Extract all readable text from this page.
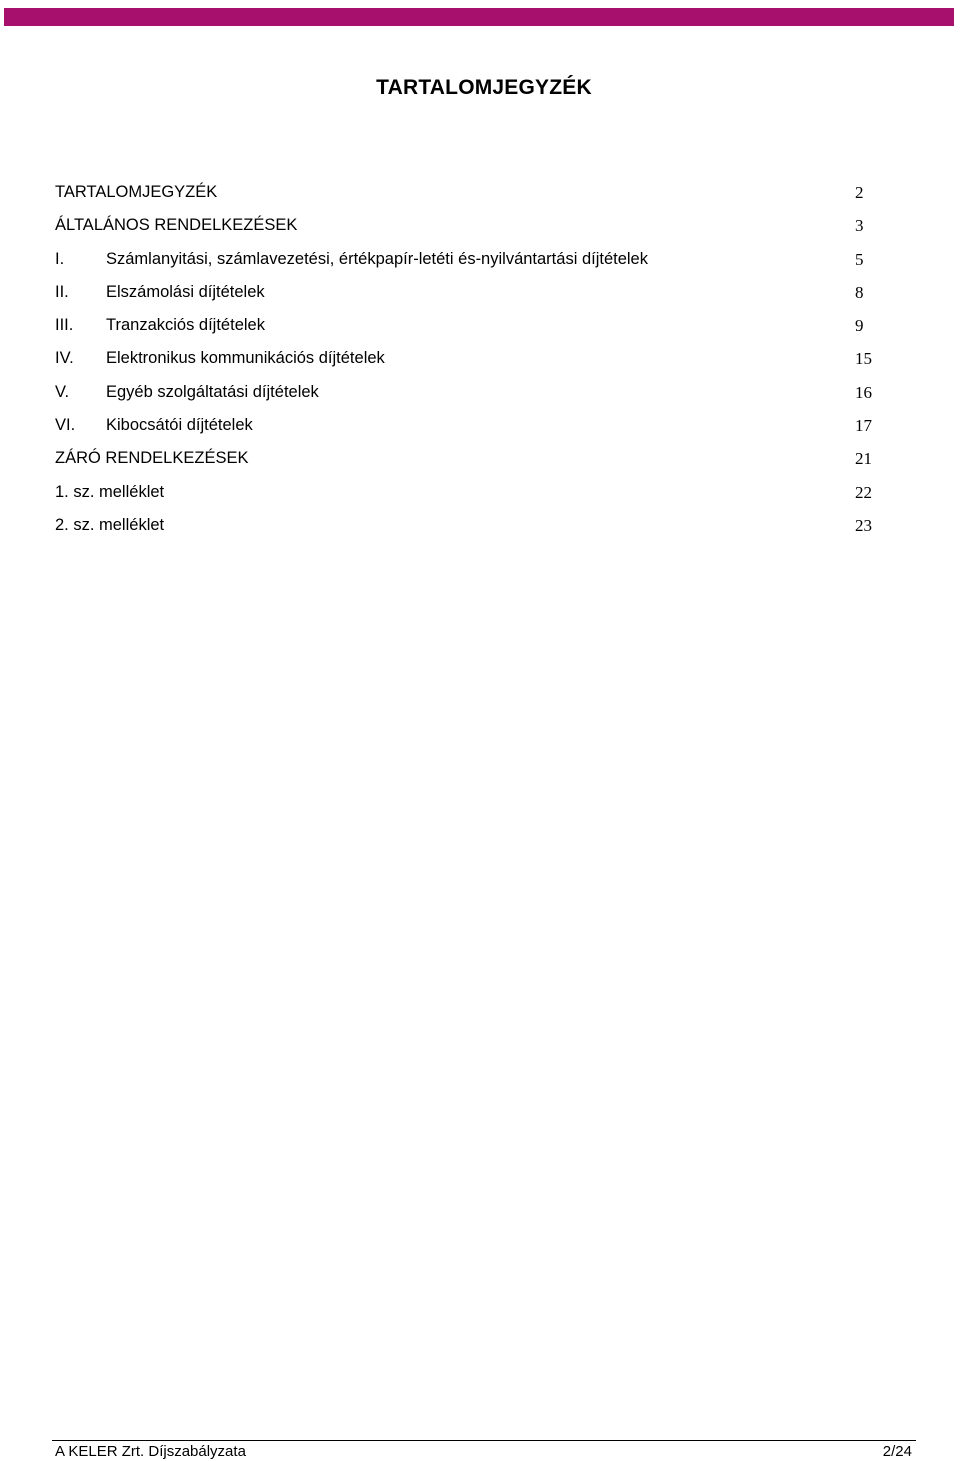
TARTALOMJEGYZÉK
TARTALOMJEGYZÉK	2
ÁLTALÁNOS RENDELKEZÉSEK	3
I.	Számlanyitási, számlavezetési, értékpapír-letéti és-nyilvántartási díjtételek	5
II. Elszámolási díjtételek	8
III. Tranzakciós díjtételek	9
IV. Elektronikus kommunikációs díjtételek	15
V. Egyéb szolgáltatási díjtételek	16
VI. Kibocsátói díjtételek	17
ZÁRÓ RENDELKEZÉSEK	21
1. sz. melléklet	22
2. sz. melléklet	23
A KELER Zrt. Díjszabályzata	2/24
